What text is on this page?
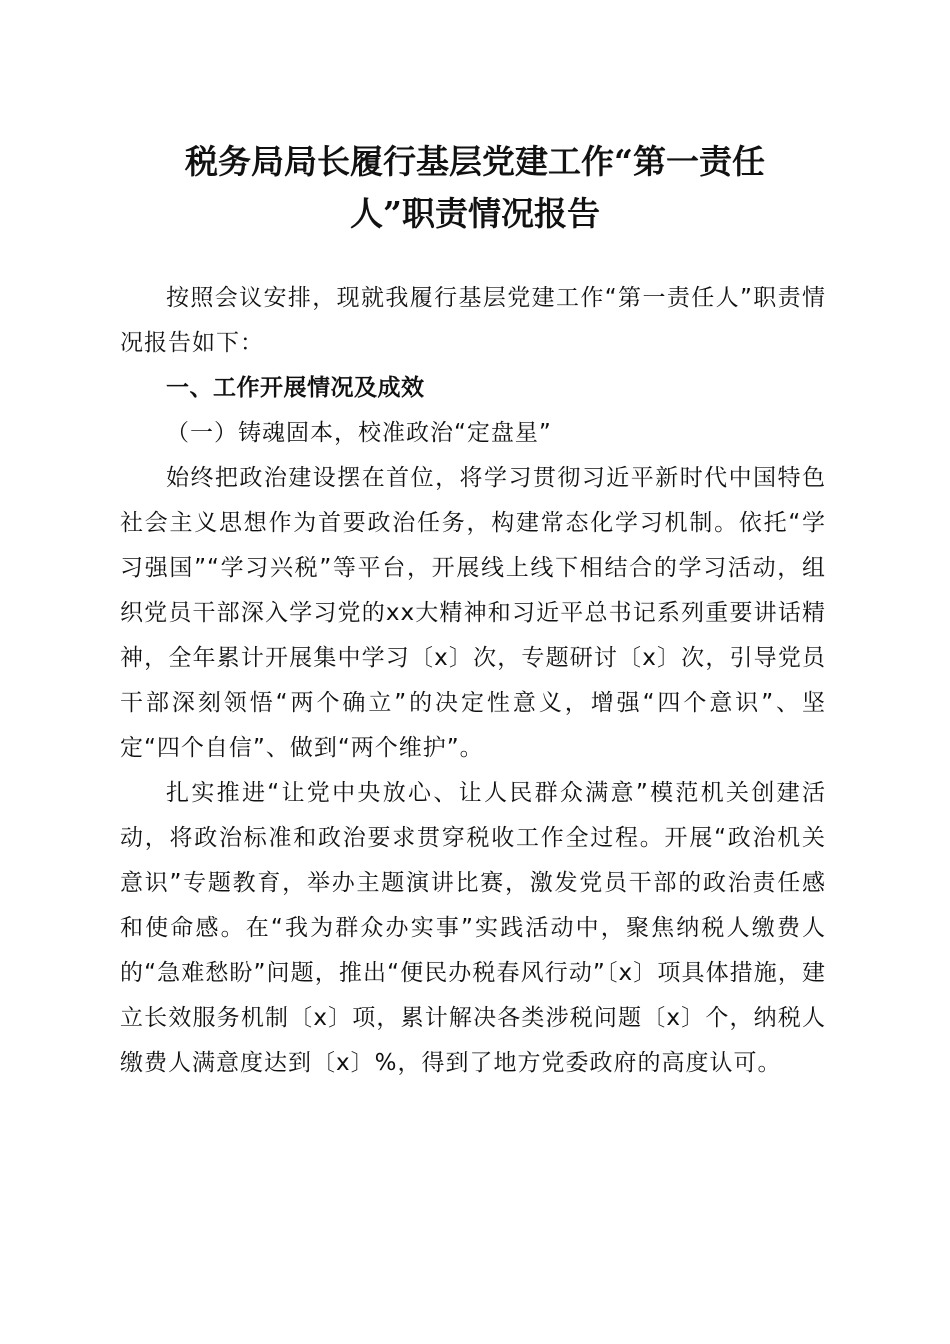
税务局局长履行基层党建工作“第一责任
人”职责情况报告

按照会议安排，现就我履行基层党建工作“第一责任人”职责情况报告如下：

一、工作开展情况及成效

（一）铸魂固本，校准政治“定盘星”

始终把政治建设摆在首位，将学习贯彻习近平新时代中国特色社会主义思想作为首要政治任务，构建常态化学习机制。依托“学习强国”“学习兴税”等平台，开展线上线下相结合的学习活动，组织党员干部深入学习党的xx大精神和习近平总书记系列重要讲话精神，全年累计开展集中学习〔x〕次，专题研讨〔x〕次，引导党员干部深刻领悟“两个确立”的决定性意义，增强“四个意识”、坚定“四个自信”、做到“两个维护”。

扎实推进“让党中央放心、让人民群众满意”模范机关创建活动，将政治标准和政治要求贯穿税收工作全过程。开展“政治机关意识”专题教育，举办主题演讲比赛，激发党员干部的政治责任感和使命感。在“我为群众办实事”实践活动中，聚焦纳税人缴费人的“急难愁盼”问题，推出“便民办税春风行动”〔x〕项具体措施，建立长效服务机制〔x〕项，累计解决各类涉税问题〔x〕个，纳税人缴费人满意度达到〔x〕%，得到了地方党委政府的高度认可。
